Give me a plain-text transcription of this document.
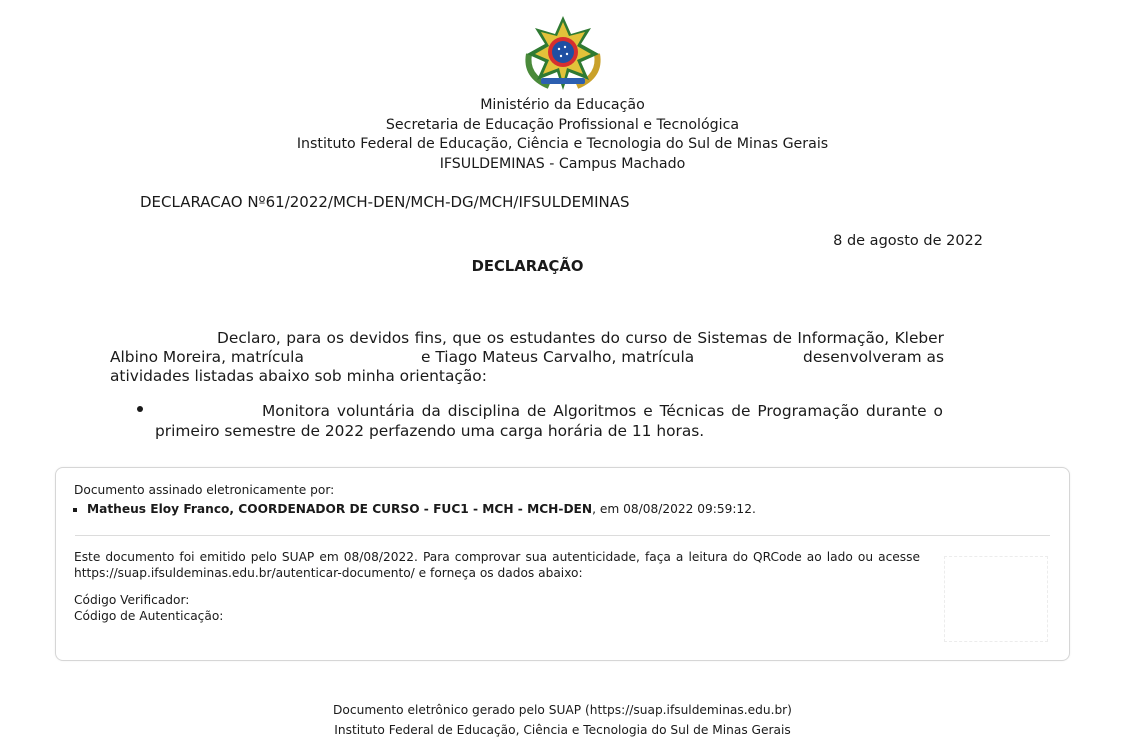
Ministério da Educação
Secretaria de Educação Profissional e Tecnológica
Instituto Federal de Educação, Ciência e Tecnologia do Sul de Minas Gerais
IFSULDEMINAS - Campus Machado
DECLARACAO Nº61/2022/MCH-DEN/MCH-DG/MCH/IFSULDEMINAS
8 de agosto de 2022
DECLARAÇÃO
Declaro, para os devidos fins, que os estudantes do curso de Sistemas de Informação, Kleber
Albino Moreira, matrícula	e Tiago Mateus Carvalho, matrícula	desenvolveram as
atividades listadas abaixo sob minha orientação:
Monitora voluntária da disciplina de Algoritmos e Técnicas de Programação durante o
primeiro semestre de 2022 perfazendo uma carga horária de 11 horas.
Documento assinado eletronicamente por:
Matheus Eloy Franco, COORDENADOR DE CURSO - FUC1 - MCH - MCH-DEN, em 08/08/2022 09:59:12.
Este documento foi emitido pelo SUAP em 08/08/2022. Para comprovar sua autenticidade, faça a leitura do QRCode ao lado ou acesse
https://suap.ifsuldeminas.edu.br/autenticar-documento/ e forneça os dados abaixo:
Código Verificador:
Código de Autenticação:
Documento eletrônico gerado pelo SUAP (https://suap.ifsuldeminas.edu.br)
Instituto Federal de Educação, Ciência e Tecnologia do Sul de Minas Gerais
